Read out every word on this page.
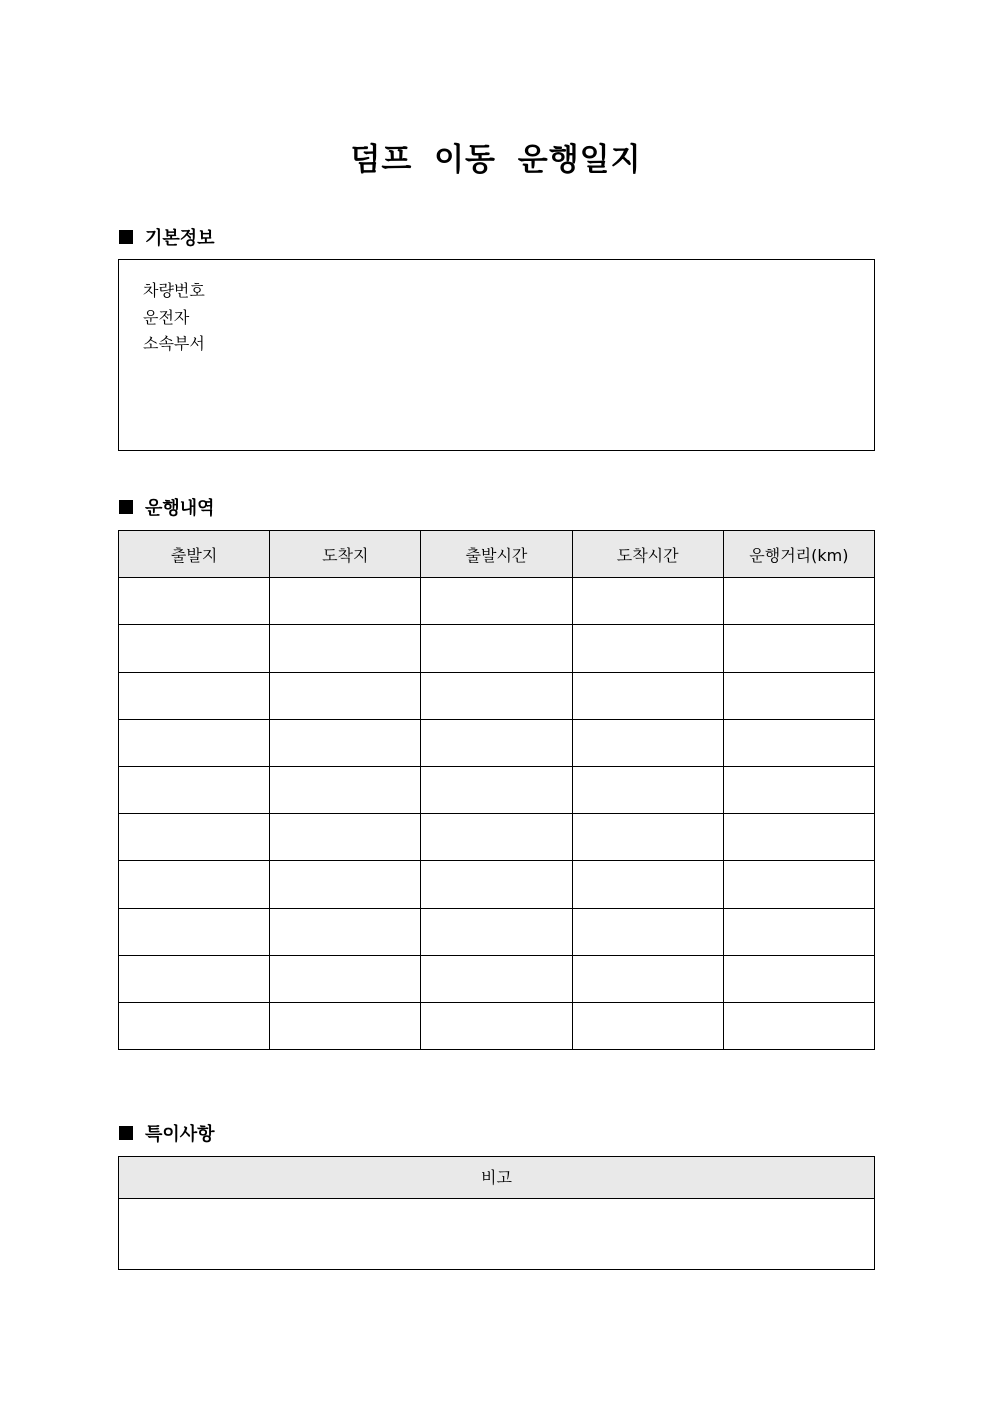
덤프 이동 운행일지
기본정보
차량번호
운전자
소속부서
운행내역
출발지	도착지	출발시간	도착시간	운행거리(km)

특이사항
비고
